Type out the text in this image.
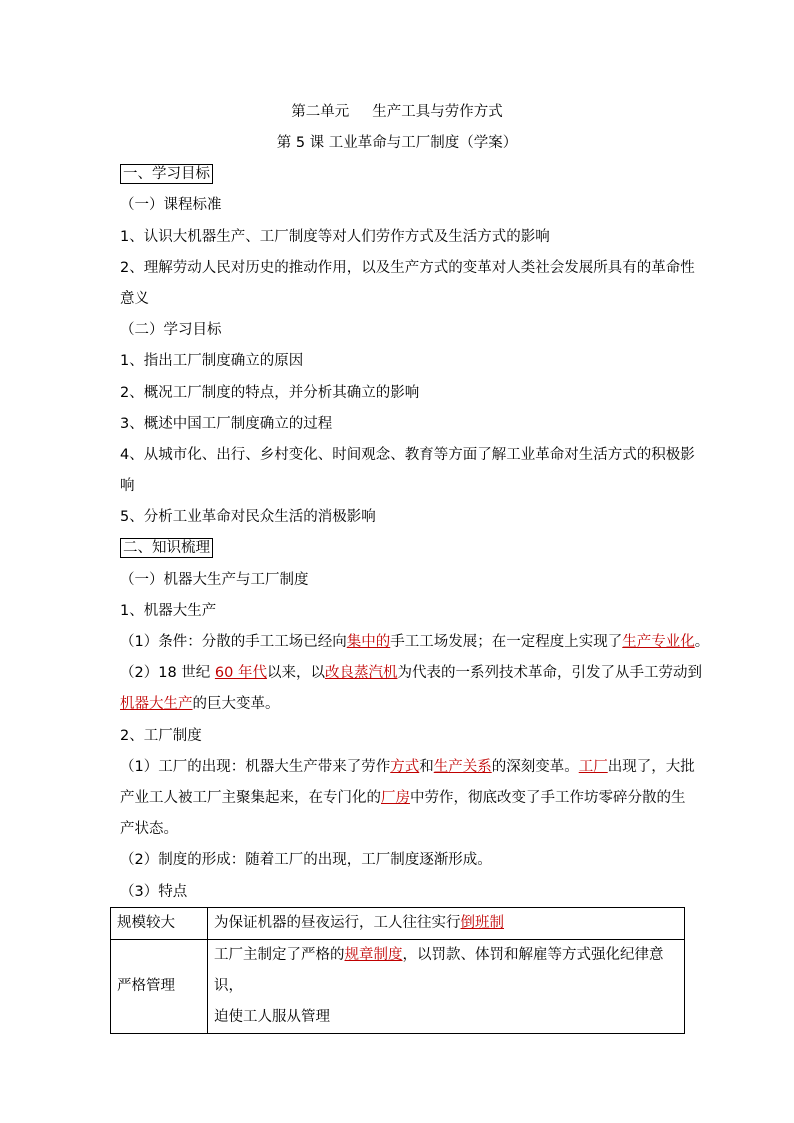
第二单元     生产工具与劳作方式
第 5 课 工业革命与工厂制度（学案）
一、学习目标
（一）课程标准
1、认识大机器生产、工厂制度等对人们劳作方式及生活方式的影响
2、理解劳动人民对历史的推动作用，以及生产方式的变革对人类社会发展所具有的革命性
意义
（二）学习目标
1、指出工厂制度确立的原因
2、概况工厂制度的特点，并分析其确立的影响
3、概述中国工厂制度确立的过程
4、从城市化、出行、乡村变化、时间观念、教育等方面了解工业革命对生活方式的积极影
响
5、分析工业革命对民众生活的消极影响
二、知识梳理
（一）机器大生产与工厂制度
1、机器大生产
（1）条件：分散的手工工场已经向集中的手工工场发展；在一定程度上实现了生产专业化。
（2）18 世纪 60 年代以来，以改良蒸汽机为代表的一系列技术革命，引发了从手工劳动到
机器大生产的巨大变革。
2、工厂制度
（1）工厂的出现：机器大生产带来了劳作方式和生产关系的深刻变革。工厂出现了，大批
产业工人被工厂主聚集起来，在专门化的厂房中劳作，彻底改变了手工作坊零碎分散的生
产状态。
（2）制度的形成：随着工厂的出现，工厂制度逐渐形成。
（3）特点
规模较大	为保证机器的昼夜运行，工人往往实行倒班制
严格管理	工厂主制定了严格的规章制度，以罚款、体罚和解雇等方式强化纪律意识，
迫使工人服从管理
